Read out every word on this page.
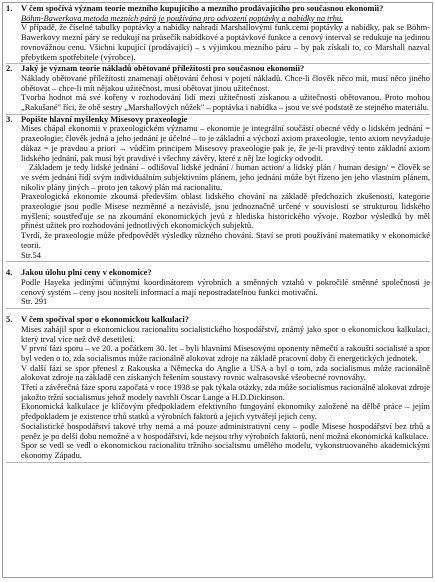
1.	V čem spočívá význam teorie mezního kupujícího a mezního prodávajícího pro současnou ekonomii?

Böhm-Bawerkova metoda mezních párů je používána pro odvození poptávky a nabídky na trhu.

V případě, že číselné tabulky poptávky a nabídky nahradí Marshallovými funk.cemi poptávky a nabídky, pak se Böhm-Bawerkovy mezní páry se redukují na průsečík nabídkové a poptávkové funkce a cenový interval se redukuje na jedinou rovnovážnou cenu. Všichni kupující (prodávající) – s výjimkou mezního páru – by pak získali to, co Marshall nazval přebytkem spotřebitele (výrobce).

2.	Jaký je význam teorie nákladů obětované příležitosti pro současnou ekonomii?

Náklady obětované příležitosti znamenají obětování čehosi v pojetí nákladů. Chce-li člověk něco mít, musí něco jiného obětovat – chce-li mít nějakou užitečnost, musí obětovat jinou užitečnost.

Tvorba hodnot má své kořeny v rozhodování lidí mezi užitečností získanou a užitečností obětovanou. Proto mohou „Rakušané" říci, že obě sestry „Marshallových nůžek" – poptávka i nabídka – jsou ve své podstatě ze stejného materiálu.

3.	Popište hlavní myšlenky Misesovy praxeologie

Mises chápal ekonomii v praxeologickém významu – ekonomie je integrální součástí obecné vědy o lidském jednání = praxeologie; člověk jedná a jeho jednání je účelné – to je základní a výchozí axiom praxeologie, tento axiom nevyžaduje důkaz = je pravdou a priori → vůdčím principem Misesovy praxeologie pak je, že je-li pravdivý tento základní axiom lidského jednání, pak musí být pravdivé i všechny závěry, které z něj lze logicky odvodit.

Základem je tedy lidské jednání – odlišoval lidské jednání / human action/ a lidský plán / human design/ = člověk se ve svém jednání řídí svým individuálním subjektivním plánem, jeho jednání může být řízeno jen jeho vlastním plánem, nikoliv plány jiných – proto jen takový plán má racionalitu.

Praxeologická ekonomie zkoumá především oblast lidského chování na základě předchozích zkušeností, kategorie praxeologie jsou podle Misese nezměnné a nezávislé, jsou jednoznačně určené v souvislosti se strukturou lidského myšlení; soustřeďuje se na zkoumání ekonomických jevů z hlediska historického vývoje. Rozbor výsledků by měl přinést užitek pro rozhodování jednotlivých ekonomických subjektů.

Tvrdí, že praxeologie může předpovědět výsledky různého chování. Staví se proti používání matematiky v ekonomické teorii.

Str.54

4.	Jakou úlohu plní ceny v ekonomice?

Podle Hayeka jedinými účinnými koordinátorem výrobních a směnných vztahů v pokročilé směnné společnosti je cenový systém – ceny jsou nositeli informací a mají nepostradatelnou funkci motivační.

Str. 291

5.	V čem spočíval spor o ekonomickou kalkulaci?

Mises zahájil spor o ekonomickou racionalitu socialistického hospodářství, známý jako spor o ekonomickou kalkulaci, který trval více než dvě desetiletí.

V první fázi sporu – ve 20. a počátkem 30. let – byli hlavními Misesovými oponenty němečtí a rakouští socialisté a spor byl veden o to, zda socialismus může racionálně alokovat zdroje na základě pracovní doby či energetických jednotek.

V další fázi se spor přenesl z Rakouska a Německa do Anglie a USA a byl o tom, zda socialismus může racionálně alokovat zdroje na základě cen získaných řešením soustavy rovnic walrasovské všeobecné rovnováhy.

Třetí a závěrečná fáze sporu započatá v roce 1938 se pak týkala otázky, zda může socialismus racionálně alokovat zdroje jakožto tržní socialismus jehož modely navrhli Oscar Lange a H.D.Dickinson.

Ekonomická kalkulace je klíčovým předpokladem efektivního fungování ekonomiky založené na dělbě práce – jejím předpokladem je existence trhů statků a výrobních faktorů a jejich vytvářejí jejich ceny.

Socialistické hospodářství takové trhy nemá a má pouze administrativní ceny – podle Misese hospodářství bez trhů a peněz je po delší dobu nemožné a v hospodářství, kde nejsou trhy výrobních faktorů, není možná ekonomická kalkulace.

Spor se vedl se vedl o ekonomickou racionalitu tržního socialismu umělého modelu, vykonstruovaného akademickými ekonomy Západu.
